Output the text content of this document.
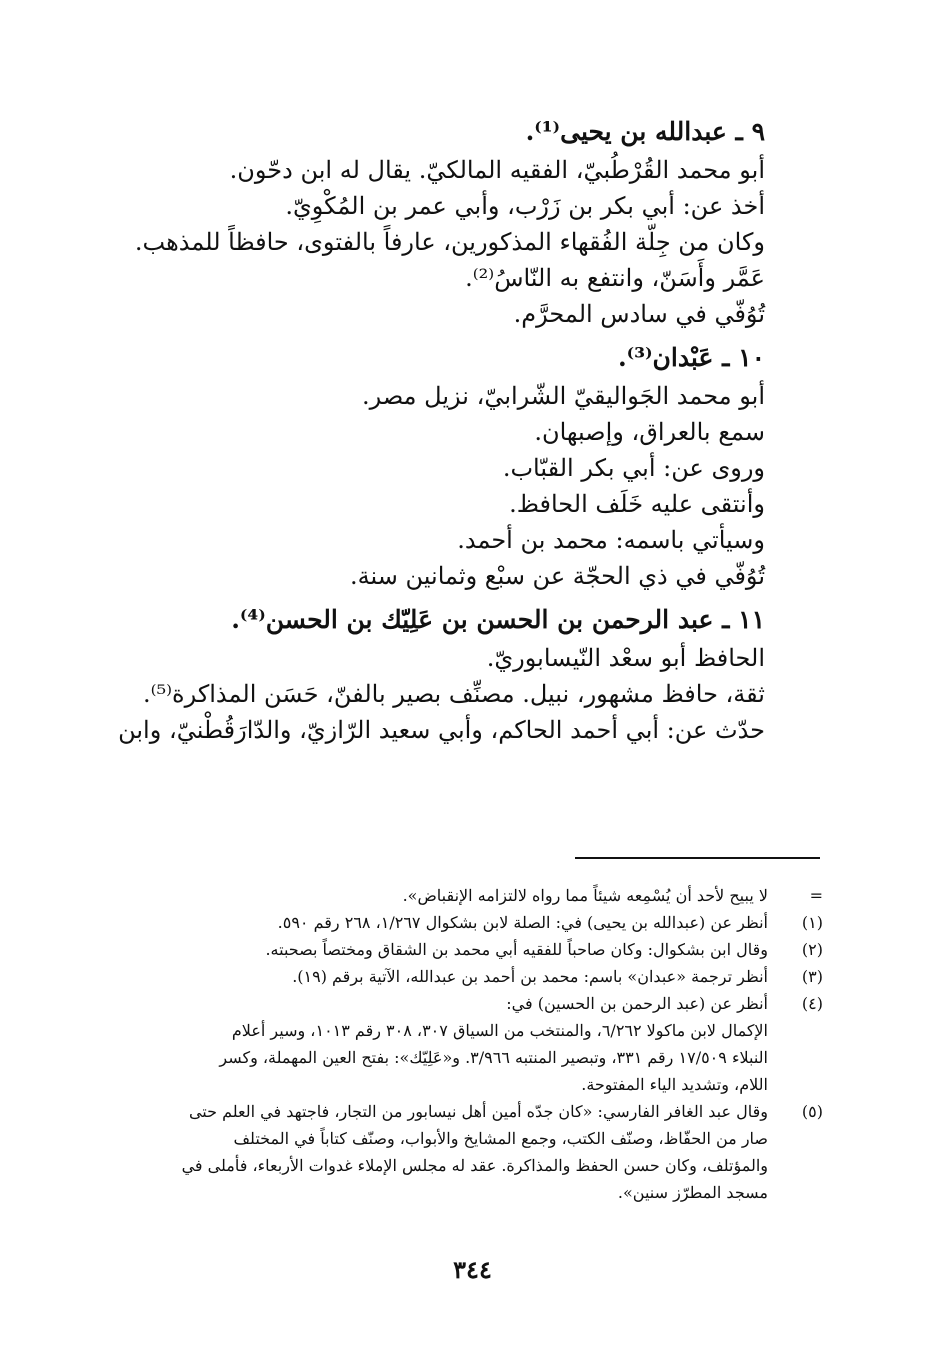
٩ ـ عبدالله بن يحيى⁽¹⁾.
أبو محمد القُرْطُبيّ، الفقيه المالكيّ. يقال له ابن دحّون.
أخذ عن: أبي بكر بن زَرْب، وأبي عمر بن المُكْوِيّ.
وكان من جِلّة الفُقهاء المذكورين، عارفاً بالفتوى، حافظاً للمذهب.
عَمَّر وأَسَنّ، وانتفع به النّاسُ⁽²⁾.
تُوُفّي في سادس المحرَّم.
١٠ ـ عَبْدان⁽³⁾.
أبو محمد الجَواليقيّ الشّرابيّ، نزيل مصر.
سمع بالعراق، وإصبهان.
وروى عن: أبي بكر القبّاب.
وأنتقى عليه خَلَف الحافظ.
وسيأتي باسمه: محمد بن أحمد.
تُوُفّي في ذي الحجّة عن سبْع وثمانين سنة.
١١ ـ عبد الرحمن بن الحسن بن عَلِيّك بن الحسن⁽⁴⁾.
الحافظ أبو سعْد النّيسابوريّ.
ثقة، حافظ مشهور، نبيل. مصنِّف بصير بالفنّ، حَسَن المذاكرة⁽⁵⁾.
حدّث عن: أبي أحمد الحاكم، وأبي سعيد الرّازيّ، والدّارَقُطْنيّ، وابن
=
لا يبيح لأحد أن يُسْمِعه شيئاً مما رواه لالتزامه الإنقباض».
(١)
أنظر عن (عبدالله بن يحيى) في: الصلة لابن بشكوال ١/٢٦٧، ٢٦٨ رقم ٥٩٠.
(٢)
وقال ابن بشكوال: وكان صاحباً للفقيه أبي محمد بن الشقاق ومختصاً بصحبته.
(٣)
أنظر ترجمة «عبدان» باسم: محمد بن أحمد بن عبدالله، الآتية برقم (١٩).
(٤)
أنظر عن (عبد الرحمن بن الحسين) في:
الإكمال لابن ماكولا ٦/٢٦٢، والمنتخب من السياق ٣٠٧، ٣٠٨ رقم ١٠١٣، وسير أعلام
النبلاء ١٧/٥٠٩ رقم ٣٣١، وتبصير المنتبه ٣/٩٦٦. و«عَلِيّك»: بفتح العين المهملة، وكسر
اللام، وتشديد الياء المفتوحة.
(٥)
وقال عبد الغافر الفارسي: «كان جدّه أمين أهل نيسابور من التجار، فاجتهد في العلم حتى
صار من الحفّاظ، وصنّف الكتب، وجمع المشايخ والأبواب، وصنّف كتاباً في المختلف
والمؤتلف، وكان حسن الحفظ والمذاكرة. عقد له مجلس الإملاء غدوات الأربعاء، فأملى في
مسجد المطرّز سنين».
٣٤٤
